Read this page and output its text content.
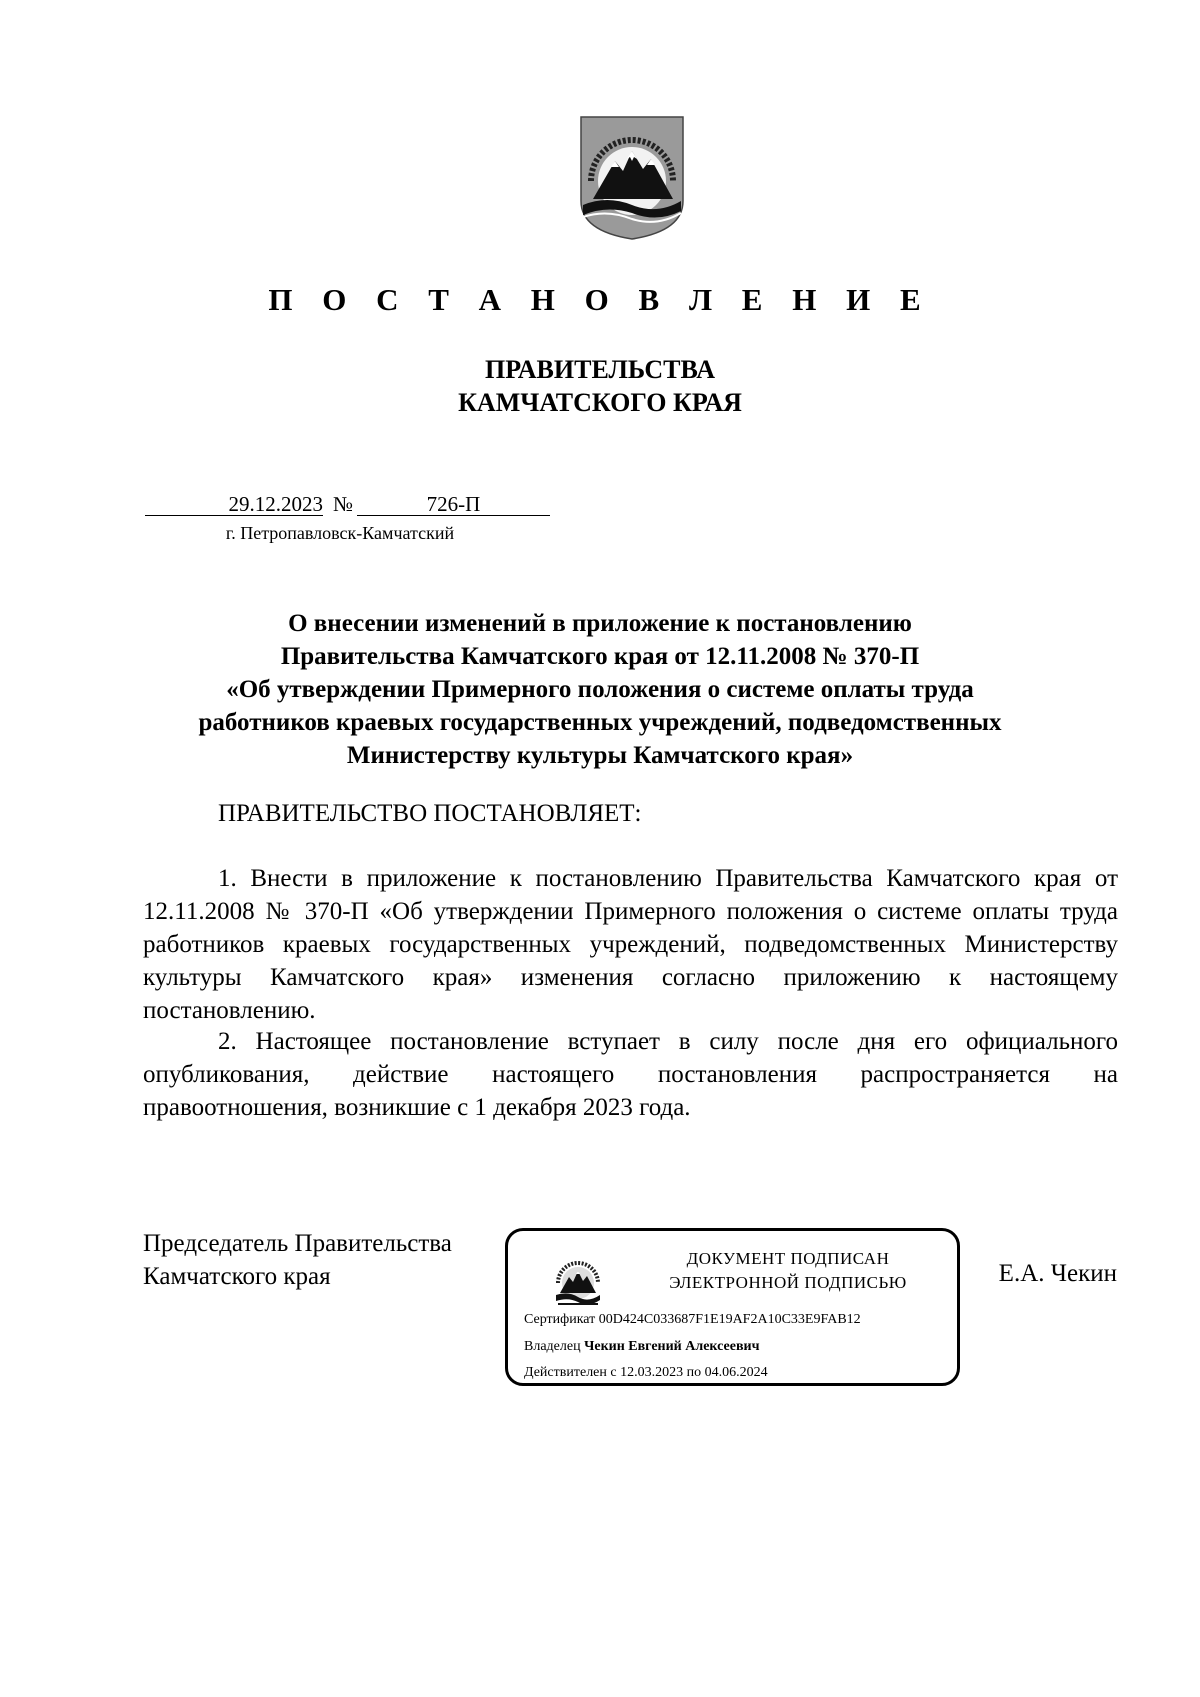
П О С Т А Н О В Л Е Н И Е
ПРАВИТЕЛЬСТВА
КАМЧАТСКОГО КРАЯ
29.12.2023 №	726-П
г. Петропавловск-Камчатский
О внесении изменений в приложение к постановлению
Правительства Камчатского края от 12.11.2008 № 370-П
«Об утверждении Примерного положения о системе оплаты труда
работников краевых государственных учреждений, подведомственных
Министерству культуры Камчатского края»
ПРАВИТЕЛЬСТВО ПОСТАНОВЛЯЕТ:
1. Внести в приложение к постановлению Правительства Камчатского края от 12.11.2008 № 370-П «Об утверждении Примерного положения о системе оплаты труда работников краевых государственных учреждений, подведомственных Министерству культуры Камчатского края» изменения согласно приложению к настоящему постановлению.
2. Настоящее постановление вступает в силу после дня его официального опубликования, действие настоящего постановления распространяется на правоотношения, возникшие с 1 декабря 2023 года.
Председатель Правительства
Камчатского края	Е.А. Чекин
ДОКУМЕНТ ПОДПИСАН
ЭЛЕКТРОННОЙ ПОДПИСЬЮ
Сертификат 00D424C033687F1E19AF2A10C33E9FAB12
Владелец Чекин Евгений Алексеевич
Действителен с 12.03.2023 по 04.06.2024
